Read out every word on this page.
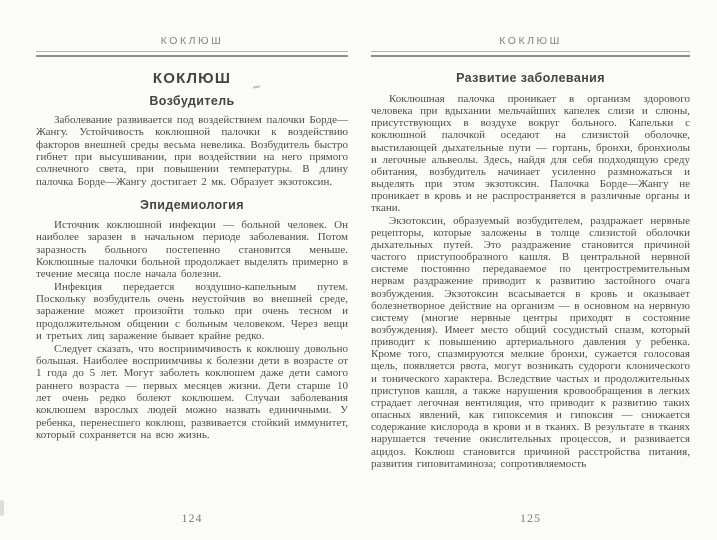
КОКЛЮШ
КОКЛЮШ
Возбудитель

Заболевание развивается под воздействием палочки Борде—Жангу. Устойчивость коклюшной палочки к воздействию факторов внешней среды весьма невелика. Возбудитель быстро гибнет при высушивании, при воздействии на него прямого солнечного света, при повышении температуры. В длину палочка Борде—Жангу достигает 2 мк. Образует экзотоксин.

Эпидемиология

Источник коклюшной инфекции — больной человек. Он наиболее заразен в начальном периоде заболевания. Потом заразность больного постепенно становится меньше. Коклюшные палочки больной продолжает выделять примерно в течение месяца после начала болезни.

Инфекция передается воздушно-капельным путем. Поскольку возбудитель очень неустойчив во внешней среде, заражение может произойти только при очень тесном и продолжительном общении с больным человеком. Через вещи и третьих лиц заражение бывает крайне редко.

Следует сказать, что восприимчивость к коклюшу довольно большая. Наиболее восприимчивы к болезни дети в возрасте от 1 года до 5 лет. Могут заболеть коклюшем даже дети самого раннего возраста — первых месяцев жизни. Дети старше 10 лет очень редко болеют коклюшем. Случаи заболевания коклюшем взрослых людей можно назвать единичными. У ребенка, перенесшего коклюш, развивается стойкий иммунитет, который сохраняется на всю жизнь.

124
КОКЛЮШ
Развитие заболевания

Коклюшная палочка проникает в организм здорового человека при вдыхании мельчайших капелек слизи и слюны, присутствующих в воздухе вокруг больного. Капельки с коклюшной палочкой оседают на слизистой оболочке, выстилающей дыхательные пути — гортань, бронхи, бронхиолы и легочные альвеолы. Здесь, найдя для себя подходящую среду обитания, возбудитель начинает усиленно размножаться и выделять при этом экзотоксин. Палочка Борде—Жангу не проникает в кровь и не распространяется в различные органы и ткани.

Экзотоксин, образуемый возбудителем, раздражает нервные рецепторы, которые заложены в толще слизистой оболочки дыхательных путей. Это раздражение становится причиной частого приступообразного кашля. В центральной нервной системе постоянно передаваемое по центростремительным нервам раздражение приводит к развитию застойного очага возбуждения. Экзотоксин всасывается в кровь и оказывает болезнетворное действие на организм — в основном на нервную систему (многие нервные центры приходят в состояние возбуждения). Имеет место общий сосудистый спазм, который приводит к повышению артериального давления у ребенка. Кроме того, спазмируются мелкие бронхи, сужается голосовая щель, появляется рвота, могут возникать судороги клонического и тонического характера. Вследствие частых и продолжительных приступов кашля, а также нарушения кровообращения в легких страдает легочная вентиляция, что приводит к развитию таких опасных явлений, как гипоксемия и гипоксия — снижается содержание кислорода в крови и в тканях. В результате в тканях нарушается течение окислительных процессов, и развивается ацидоз. Коклюш становится причиной расстройства питания, развития гиповитаминоза; сопротивляемость

125
